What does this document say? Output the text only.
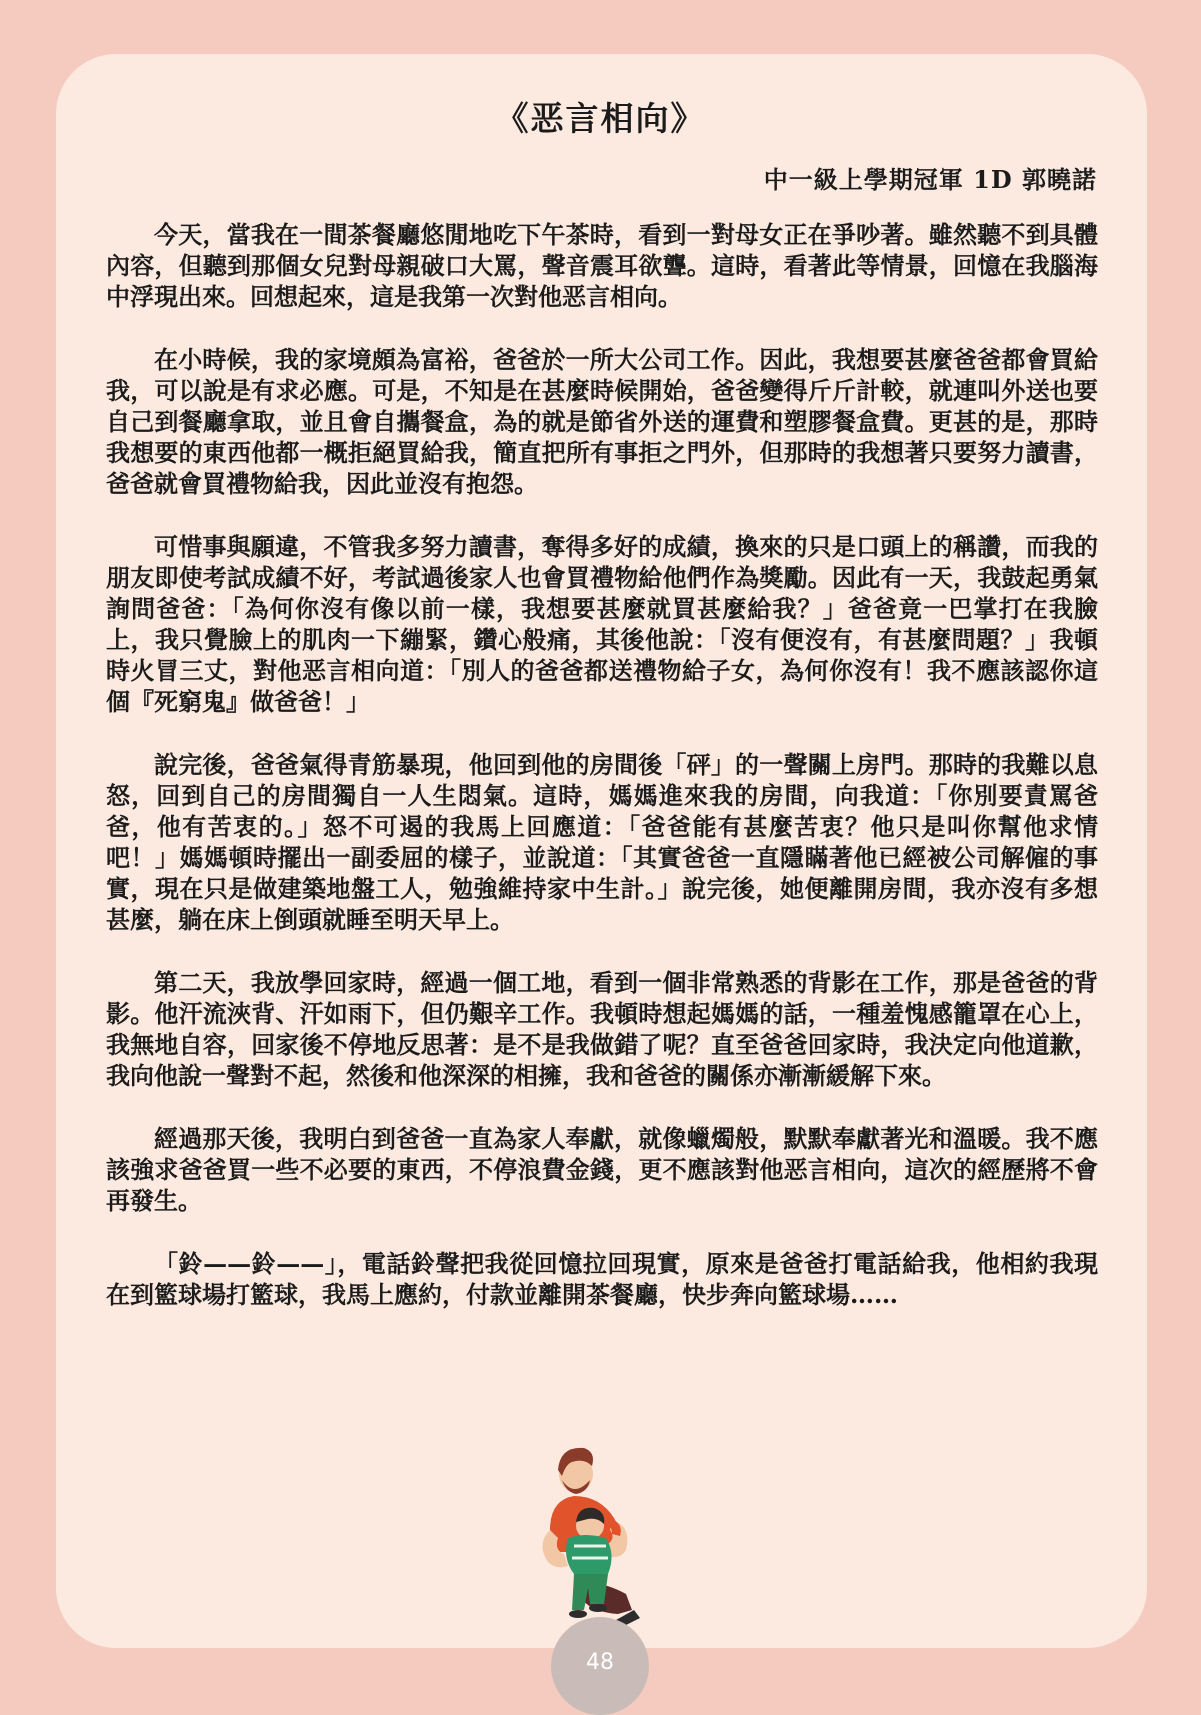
《恶言相向》
中一級上學期冠軍 1D 郭曉諾

今天，當我在一間茶餐廳悠閒地吃下午茶時，看到一對母女正在爭吵著。雖然聽不到具體內容，但聽到那個女兒對母親破口大罵，聲音震耳欲聾。這時，看著此等情景，回憶在我腦海中浮現出來。回想起來，這是我第一次對他恶言相向。

在小時候，我的家境頗為富裕，爸爸於一所大公司工作。因此，我想要甚麼爸爸都會買給我，可以說是有求必應。可是，不知是在甚麼時候開始，爸爸變得斤斤計較，就連叫外送也要自己到餐廳拿取，並且會自攜餐盒，為的就是節省外送的運費和塑膠餐盒費。更甚的是，那時我想要的東西他都一概拒絕買給我，簡直把所有事拒之門外，但那時的我想著只要努力讀書，爸爸就會買禮物給我，因此並沒有抱怨。

可惜事與願違，不管我多努力讀書，奪得多好的成績，換來的只是口頭上的稱讚，而我的朋友即使考試成績不好，考試過後家人也會買禮物給他們作為獎勵。因此有一天，我鼓起勇氣詢問爸爸：「為何你沒有像以前一樣，我想要甚麼就買甚麼給我？」爸爸竟一巴掌打在我臉上，我只覺臉上的肌肉一下繃緊，鑽心般痛，其後他說：「沒有便沒有，有甚麼問題？」我頓時火冒三丈，對他恶言相向道：「別人的爸爸都送禮物給子女，為何你沒有！我不應該認你這個『死窮鬼』做爸爸！」

說完後，爸爸氣得青筋暴現，他回到他的房間後「砰」的一聲關上房門。那時的我難以息怒，回到自己的房間獨自一人生悶氣。這時，媽媽進來我的房間，向我道：「你別要責罵爸爸，他有苦衷的。」怒不可遏的我馬上回應道：「爸爸能有甚麼苦衷？他只是叫你幫他求情吧！」媽媽頓時擺出一副委屈的樣子，並說道：「其實爸爸一直隱瞞著他已經被公司解僱的事實，現在只是做建築地盤工人，勉強維持家中生計。」說完後，她便離開房間，我亦沒有多想甚麼，躺在床上倒頭就睡至明天早上。

第二天，我放學回家時，經過一個工地，看到一個非常熟悉的背影在工作，那是爸爸的背影。他汗流浹背、汗如雨下，但仍艱辛工作。我頓時想起媽媽的話，一種羞愧感籠罩在心上，我無地自容，回家後不停地反思著：是不是我做錯了呢？直至爸爸回家時，我決定向他道歉，我向他說一聲對不起，然後和他深深的相擁，我和爸爸的關係亦漸漸緩解下來。

經過那天後，我明白到爸爸一直為家人奉獻，就像蠟燭般，默默奉獻著光和溫暖。我不應該強求爸爸買一些不必要的東西，不停浪費金錢，更不應該對他恶言相向，這次的經歷將不會再發生。

「鈴——鈴——」，電話鈴聲把我從回憶拉回現實，原來是爸爸打電話給我，他相約我現在到籃球場打籃球，我馬上應約，付款並離開茶餐廳，快步奔向籃球場……

48
